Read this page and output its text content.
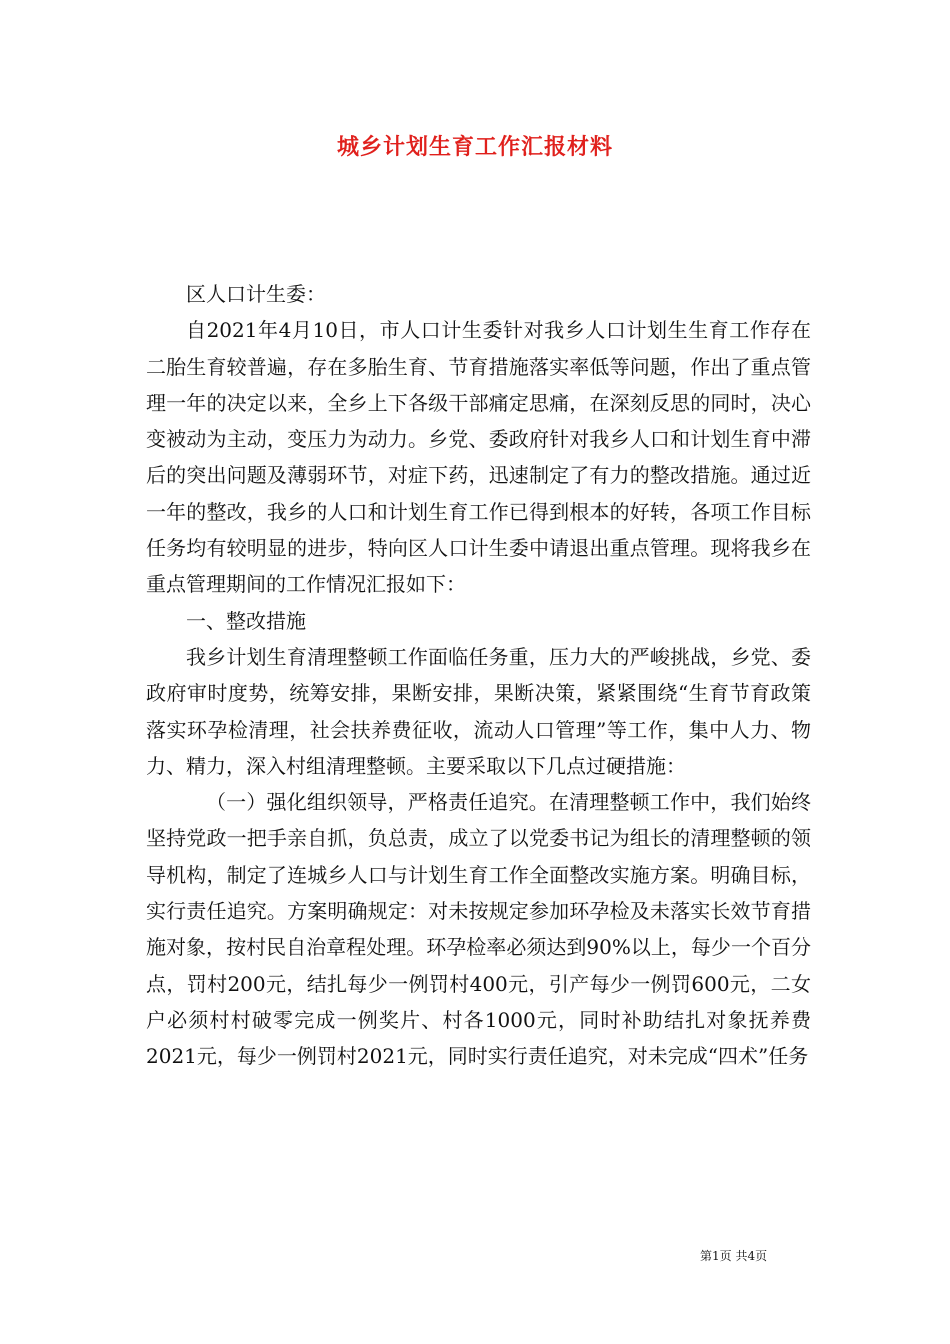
城乡计划生育工作汇报材料

区人口计生委：

自2021年4月10日，市人口计生委针对我乡人口计划生生育工作存在二胎生育较普遍，存在多胎生育、节育措施落实率低等问题，作出了重点管理一年的决定以来，全乡上下各级干部痛定思痛，在深刻反思的同时，决心变被动为主动，变压力为动力。乡党、委政府针对我乡人口和计划生育中滞后的突出问题及薄弱环节，对症下药，迅速制定了有力的整改措施。通过近一年的整改，我乡的人口和计划生育工作已得到根本的好转，各项工作目标任务均有较明显的进步，特向区人口计生委中请退出重点管理。现将我乡在重点管理期间的工作情况汇报如下：

一、整改措施

我乡计划生育清理整顿工作面临任务重，压力大的严峻挑战，乡党、委政府审时度势，统筹安排，果断安排，果断决策，紧紧围绕“生育节育政策落实环孕检清理，社会扶养费征收，流动人口管理”等工作，集中人力、物力、精力，深入村组清理整顿。主要采取以下几点过硬措施：

（一）强化组织领导，严格责任追究。在清理整顿工作中，我们始终坚持党政一把手亲自抓，负总责，成立了以党委书记为组长的清理整顿的领导机构，制定了连城乡人口与计划生育工作全面整改实施方案。明确目标，实行责任追究。方案明确规定：对未按规定参加环孕检及未落实长效节育措施对象，按村民自治章程处理。环孕检率必须达到90%以上，每少一个百分点，罚村200元，结扎每少一例罚村400元，引产每少一例罚600元，二女户必须村村破零完成一例奖片、村各1000元，同时补助结扎对象抚养费2021元，每少一例罚村2021元，同时实行责任追究，对未完成“四术”任务

第1页 共4页
